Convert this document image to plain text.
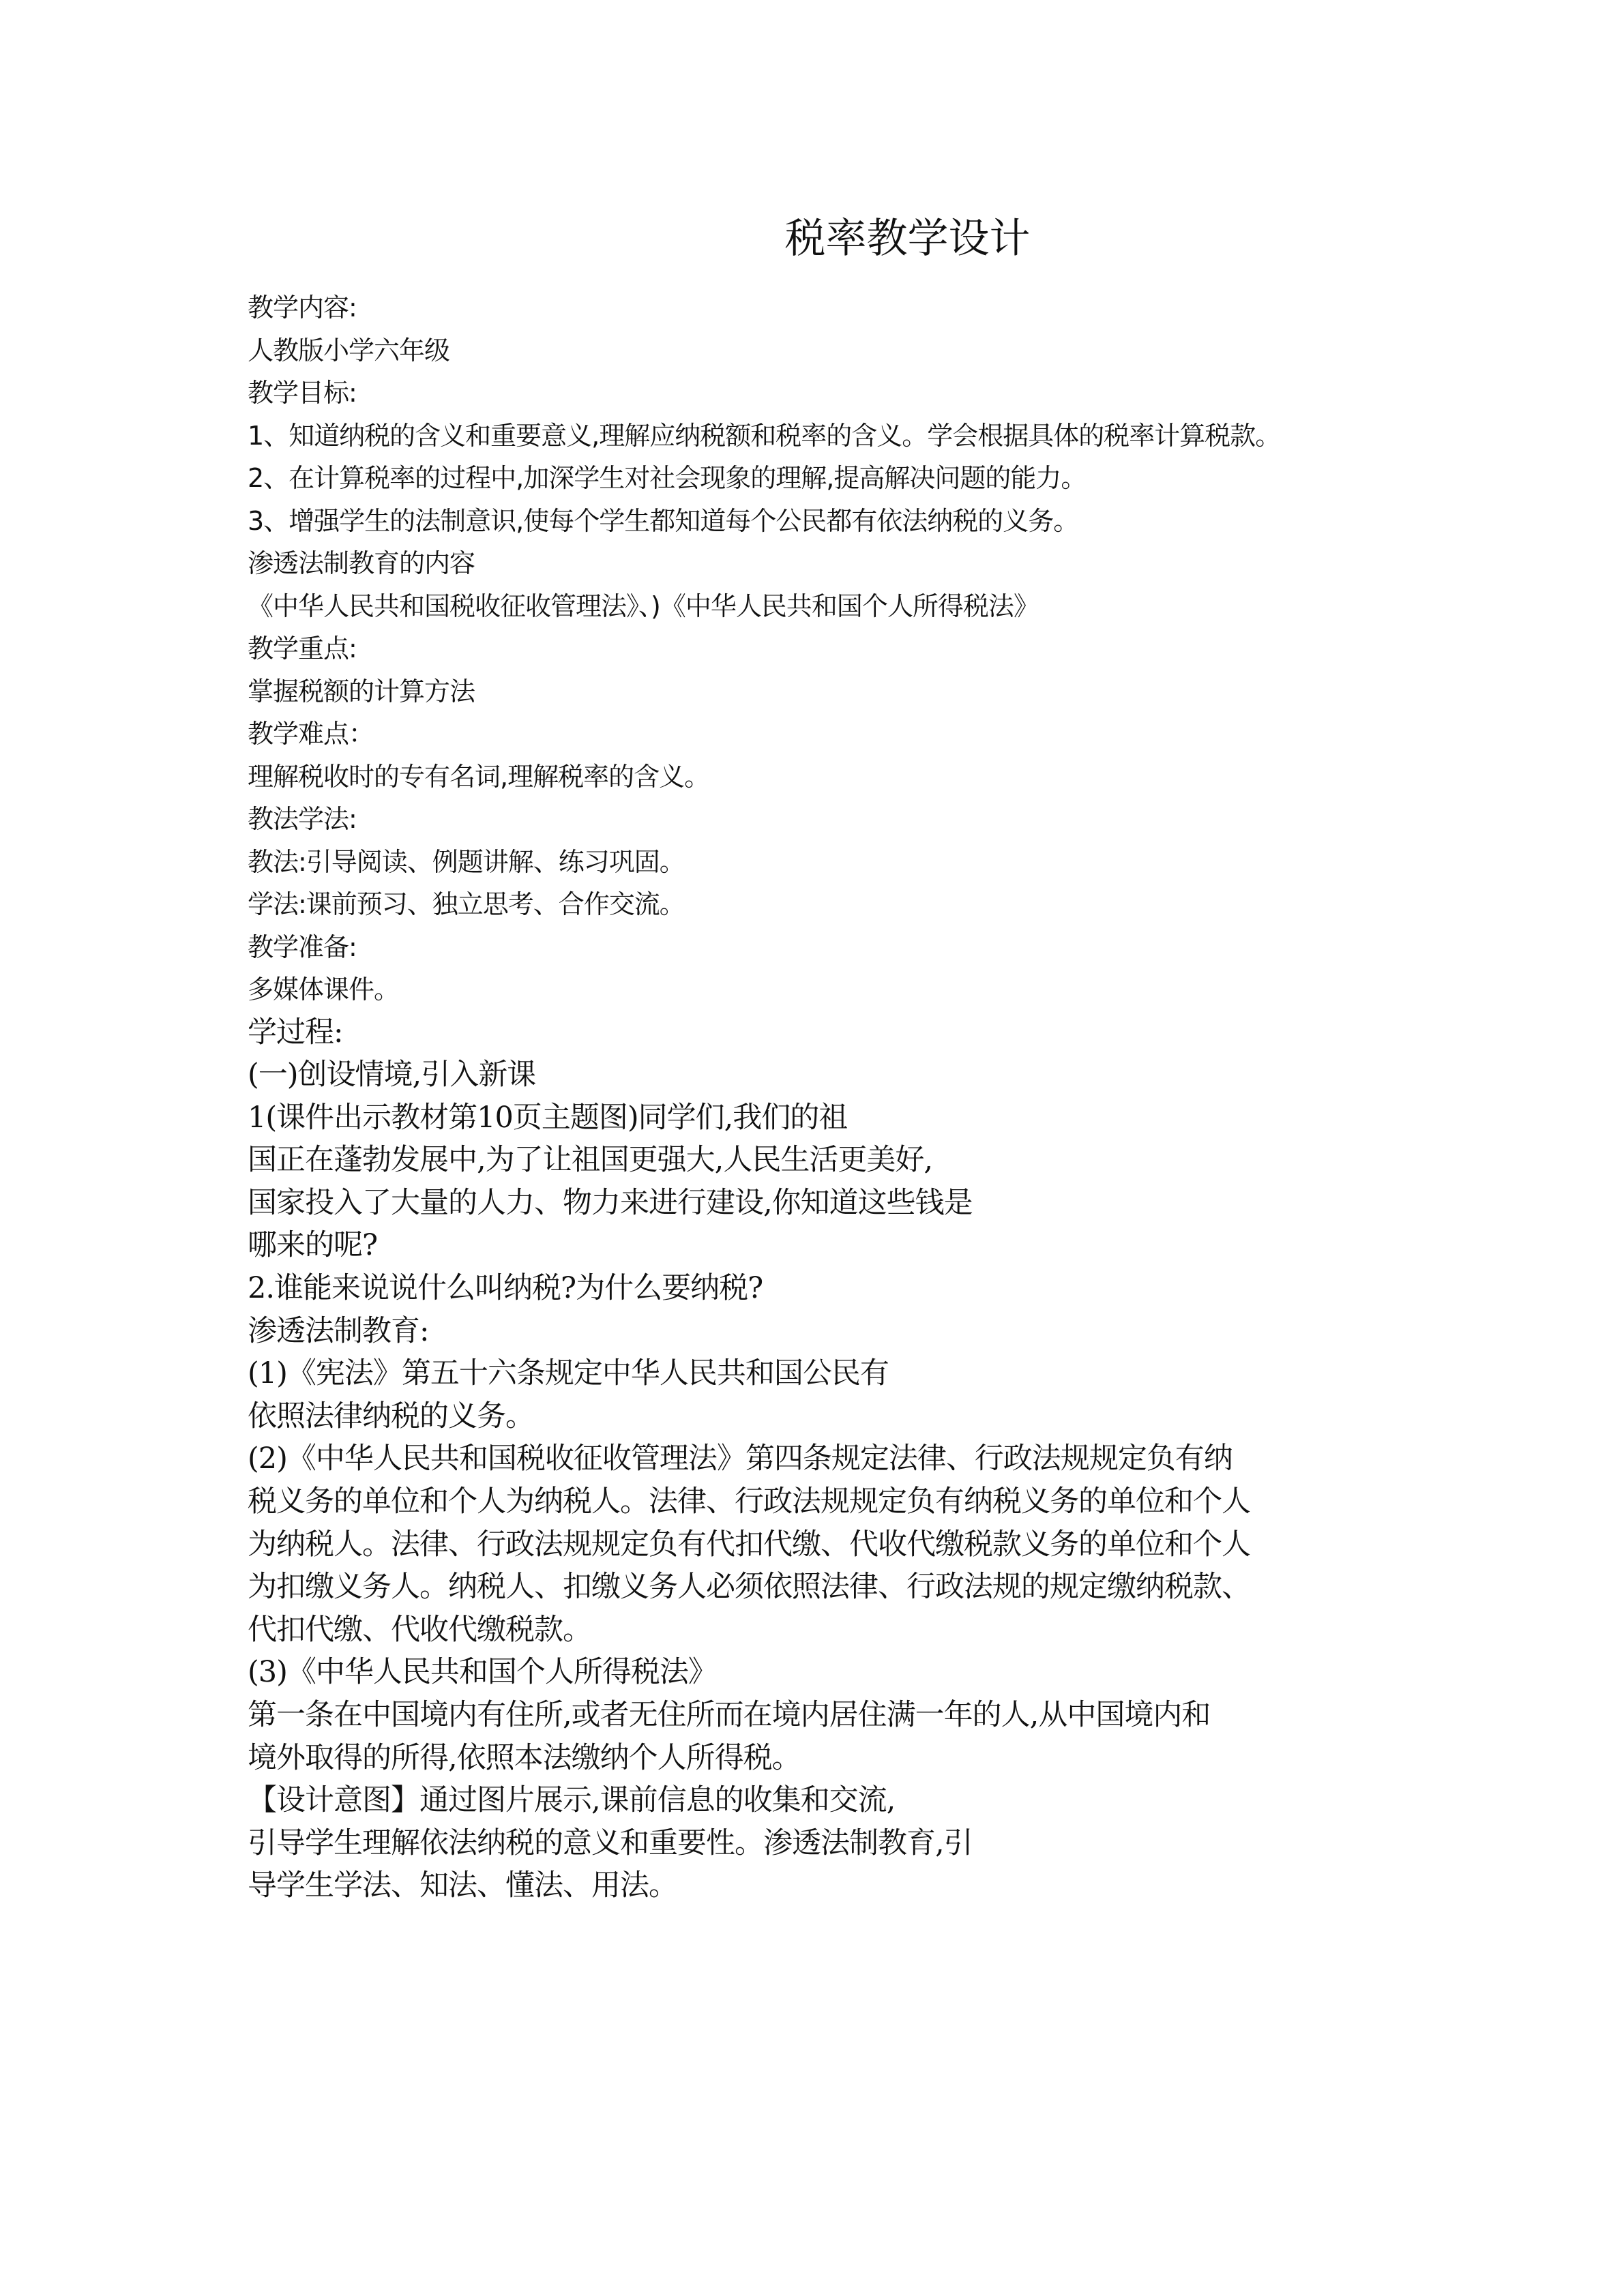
税率教学设计
教学内容:
人教版小学六年级
教学目标:
1、知道纳税的含义和重要意义,理解应纳税额和税率的含义。学会根据具体的税率计算税款。
2、在计算税率的过程中,加深学生对社会现象的理解,提高解决问题的能力。
3、增强学生的法制意识,使每个学生都知道每个公民都有依法纳税的义务。
渗透法制教育的内容
《中华人民共和国税收征收管理法》、)《中华人民共和国个人所得税法》
教学重点:
掌握税额的计算方法
教学难点：
理解税收时的专有名词,理解税率的含义。
教法学法:
教法:引导阅读、例题讲解、练习巩固。
学法:课前预习、独立思考、合作交流。
教学准备:
多媒体课件。
学过程:
(一)创设情境,引入新课
1(课件出示教材第10页主题图)同学们,我们的祖
国正在蓬勃发展中,为了让祖国更强大,人民生活更美好,
国家投入了大量的人力、物力来进行建设,你知道这些钱是
哪来的呢?
2.谁能来说说什么叫纳税?为什么要纳税?
渗透法制教育:
(1)《宪法》第五十六条规定中华人民共和国公民有
依照法律纳税的义务。
(2)《中华人民共和国税收征收管理法》第四条规定法律、行政法规规定负有纳
税义务的单位和个人为纳税人。法律、行政法规规定负有纳税义务的单位和个人
为纳税人。法律、行政法规规定负有代扣代缴、代收代缴税款义务的单位和个人
为扣缴义务人。纳税人、扣缴义务人必须依照法律、行政法规的规定缴纳税款、
代扣代缴、代收代缴税款。
(3)《中华人民共和国个人所得税法》
第一条在中国境内有住所,或者无住所而在境内居住满一年的人,从中国境内和
境外取得的所得,依照本法缴纳个人所得税。
【设计意图】通过图片展示,课前信息的收集和交流,
引导学生理解依法纳税的意义和重要性。渗透法制教育,引
导学生学法、知法、懂法、用法。
